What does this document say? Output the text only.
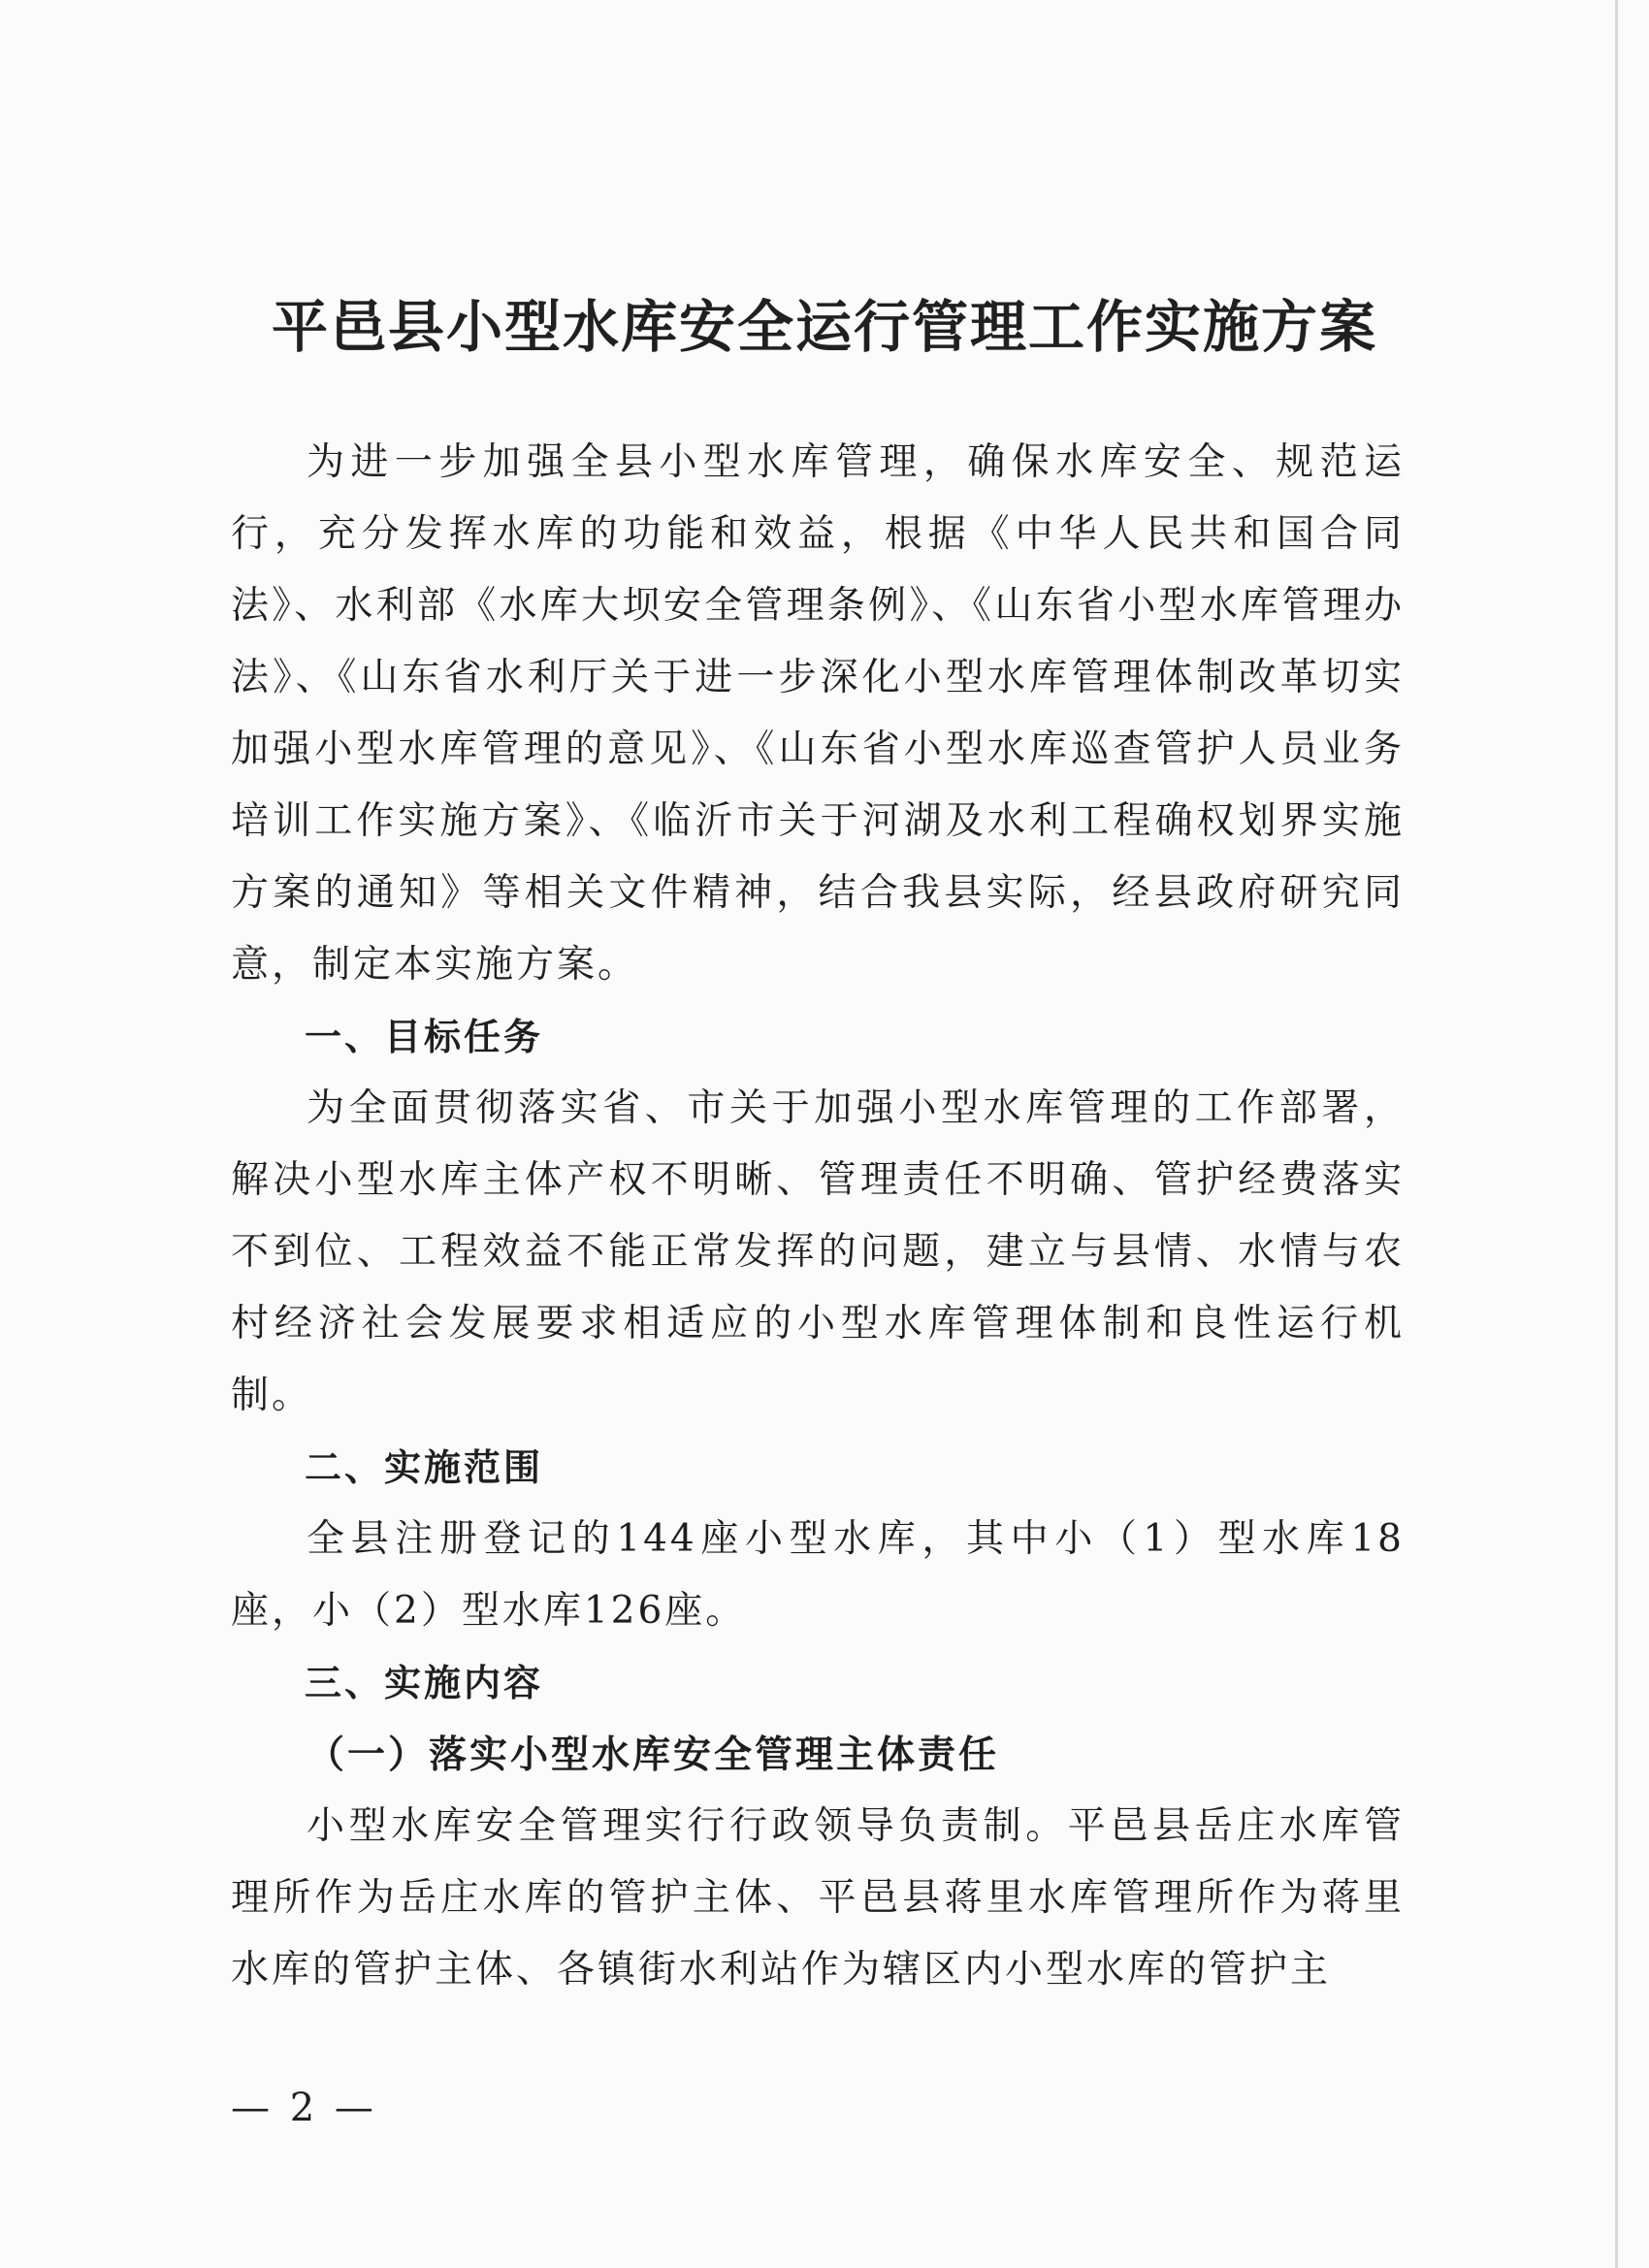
平邑县小型水库安全运行管理工作实施方案

为进一步加强全县小型水库管理，确保水库安全、规范运行，充分发挥水库的功能和效益，根据《中华人民共和国合同法》、水利部《水库大坝安全管理条例》、《山东省小型水库管理办法》、《山东省水利厅关于进一步深化小型水库管理体制改革切实加强小型水库管理的意见》、《山东省小型水库巡查管护人员业务培训工作实施方案》、《临沂市关于河湖及水利工程确权划界实施方案的通知》等相关文件精神，结合我县实际，经县政府研究同意，制定本实施方案。

一、目标任务

为全面贯彻落实省、市关于加强小型水库管理的工作部署，解决小型水库主体产权不明晰、管理责任不明确、管护经费落实不到位、工程效益不能正常发挥的问题，建立与县情、水情与农村经济社会发展要求相适应的小型水库管理体制和良性运行机制。

二、实施范围

全县注册登记的144座小型水库，其中小（1）型水库18座，小（2）型水库126座。

三、实施内容

（一）落实小型水库安全管理主体责任

小型水库安全管理实行行政领导负责制。平邑县岳庄水库管理所作为岳庄水库的管护主体、平邑县蒋里水库管理所作为蒋里水库的管护主体、各镇街水利站作为辖区内小型水库的管护主

— 2 —
